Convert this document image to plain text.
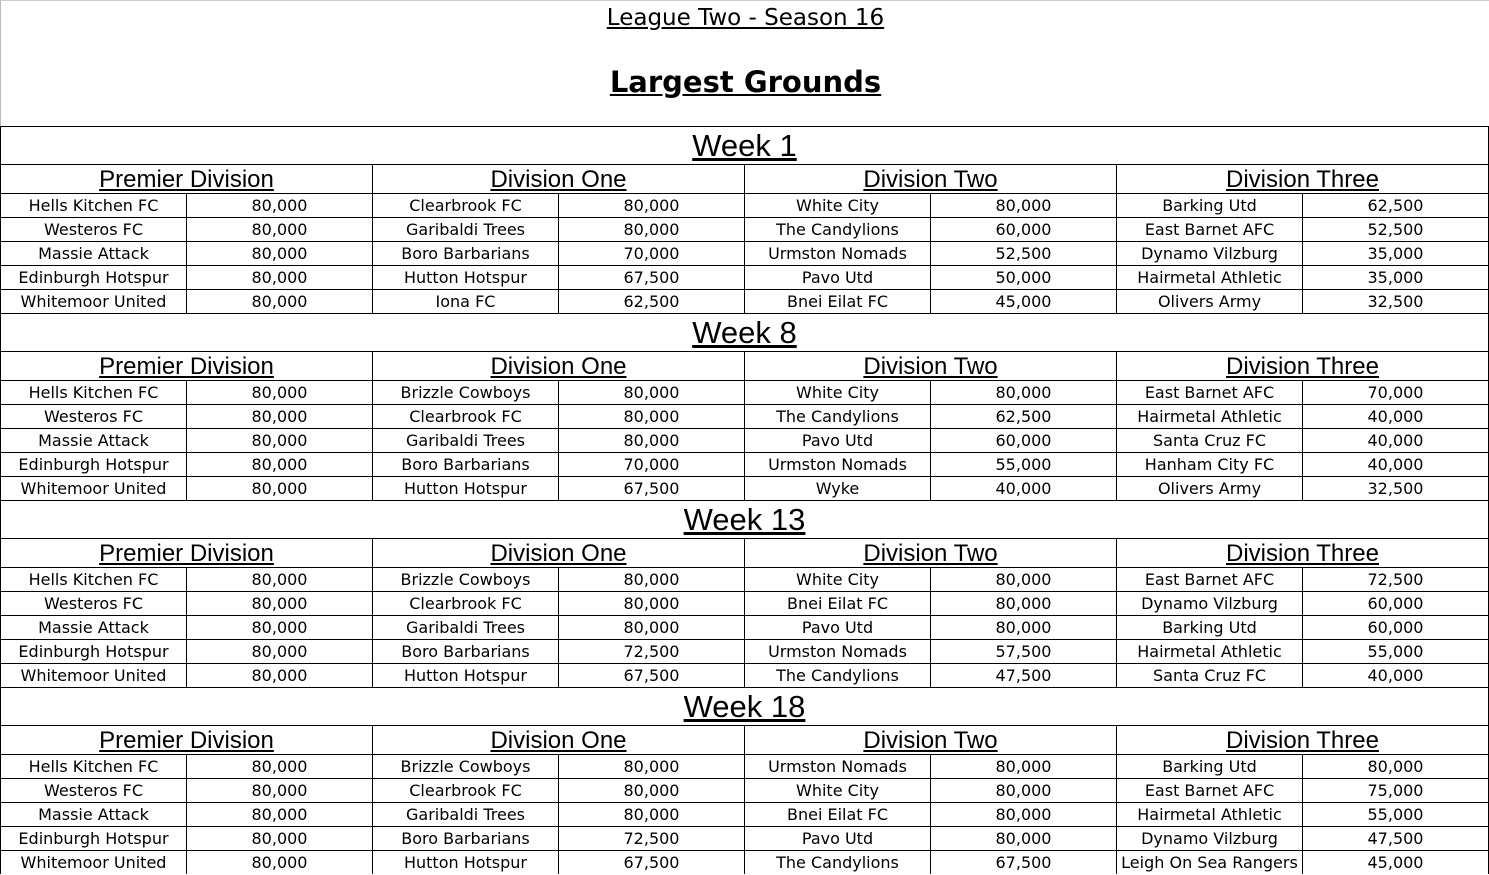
League Two - Season 16
Largest Grounds
Week 1
Premier Division	Division One	Division Two	Division Three
Hells Kitchen FC	80,000	Clearbrook FC	80,000	White City	80,000	Barking Utd	62,500
Westeros FC	80,000	Garibaldi Trees	80,000	The Candylions	60,000	East Barnet AFC	52,500
Massie Attack	80,000	Boro Barbarians	70,000	Urmston Nomads	52,500	Dynamo Vilzburg	35,000
Edinburgh Hotspur	80,000	Hutton Hotspur	67,500	Pavo Utd	50,000	Hairmetal Athletic	35,000
Whitemoor United	80,000	Iona FC	62,500	Bnei Eilat FC	45,000	Olivers Army	32,500
Week 8
Premier Division	Division One	Division Two	Division Three
Hells Kitchen FC	80,000	Brizzle Cowboys	80,000	White City	80,000	East Barnet AFC	70,000
Westeros FC	80,000	Clearbrook FC	80,000	The Candylions	62,500	Hairmetal Athletic	40,000
Massie Attack	80,000	Garibaldi Trees	80,000	Pavo Utd	60,000	Santa Cruz FC	40,000
Edinburgh Hotspur	80,000	Boro Barbarians	70,000	Urmston Nomads	55,000	Hanham City FC	40,000
Whitemoor United	80,000	Hutton Hotspur	67,500	Wyke	40,000	Olivers Army	32,500
Week 13
Premier Division	Division One	Division Two	Division Three
Hells Kitchen FC	80,000	Brizzle Cowboys	80,000	White City	80,000	East Barnet AFC	72,500
Westeros FC	80,000	Clearbrook FC	80,000	Bnei Eilat FC	80,000	Dynamo Vilzburg	60,000
Massie Attack	80,000	Garibaldi Trees	80,000	Pavo Utd	80,000	Barking Utd	60,000
Edinburgh Hotspur	80,000	Boro Barbarians	72,500	Urmston Nomads	57,500	Hairmetal Athletic	55,000
Whitemoor United	80,000	Hutton Hotspur	67,500	The Candylions	47,500	Santa Cruz FC	40,000
Week 18
Premier Division	Division One	Division Two	Division Three
Hells Kitchen FC	80,000	Brizzle Cowboys	80,000	Urmston Nomads	80,000	Barking Utd	80,000
Westeros FC	80,000	Clearbrook FC	80,000	White City	80,000	East Barnet AFC	75,000
Massie Attack	80,000	Garibaldi Trees	80,000	Bnei Eilat FC	80,000	Hairmetal Athletic	55,000
Edinburgh Hotspur	80,000	Boro Barbarians	72,500	Pavo Utd	80,000	Dynamo Vilzburg	47,500
Whitemoor United	80,000	Hutton Hotspur	67,500	The Candylions	67,500	Leigh On Sea Rangers	45,000
